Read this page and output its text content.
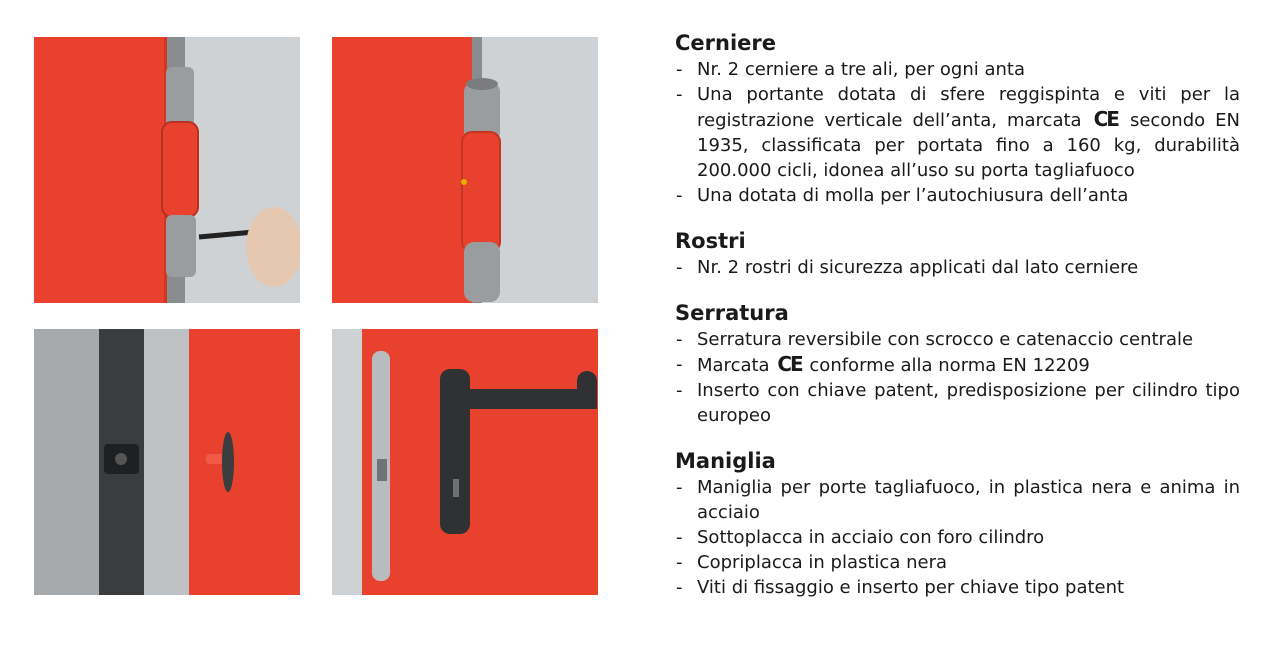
Cerniere
- Nr. 2 cerniere a tre ali, per ogni anta
- Una portante dotata di sfere reggispinta e viti per la registrazione verticale dell’anta, marcata CE secondo EN 1935, classificata per portata fino a 160 kg, durabilità 200.000 cicli, idonea all’uso su porta tagliafuoco
- Una dotata di molla per l’autochiusura dell’anta
Rostri
- Nr. 2 rostri di sicurezza applicati dal lato cerniere
Serratura
- Serratura reversibile con scrocco e catenaccio centrale
- Marcata CE conforme alla norma EN 12209
- Inserto con chiave patent, predisposizione per cilindro tipo europeo
Maniglia
- Maniglia per porte tagliafuoco, in plastica nera e anima in acciaio
- Sottoplacca in acciaio con foro cilindro
- Copriplacca in plastica nera
- Viti di fissaggio e inserto per chiave tipo patent
